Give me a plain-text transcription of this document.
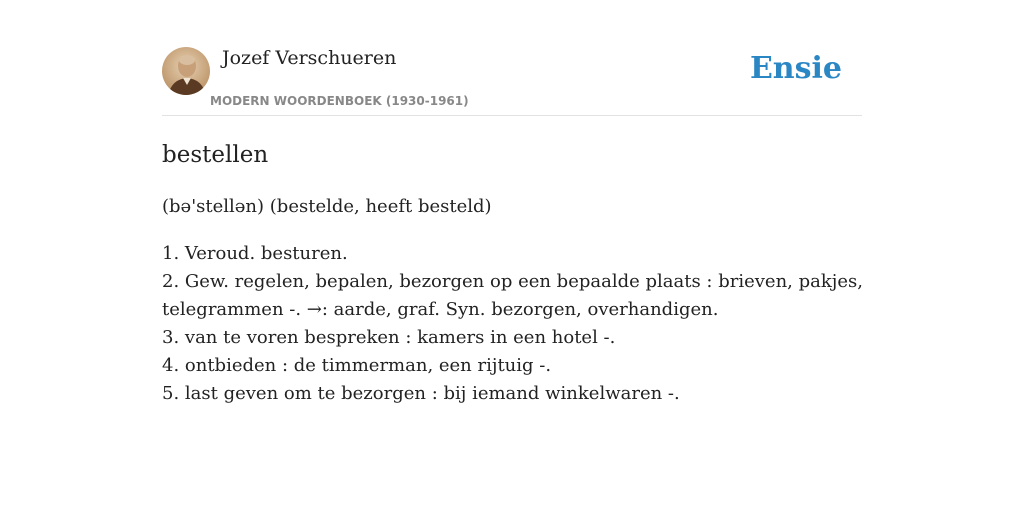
Jozef Verschueren
MODERN WOORDENBOEK (1930-1961)
Ensie
bestellen
(bə'stellən) (bestelde, heeft besteld)
1. Veroud. besturen.
2. Gew. regelen, bepalen, bezorgen op een bepaalde plaats : brieven, pakjes,
telegrammen -. →: aarde, graf. Syn. bezorgen, overhandigen.
3. van te voren bespreken : kamers in een hotel -.
4. ontbieden : de timmerman, een rijtuig -.
5. last geven om te bezorgen : bij iemand winkelwaren -.
